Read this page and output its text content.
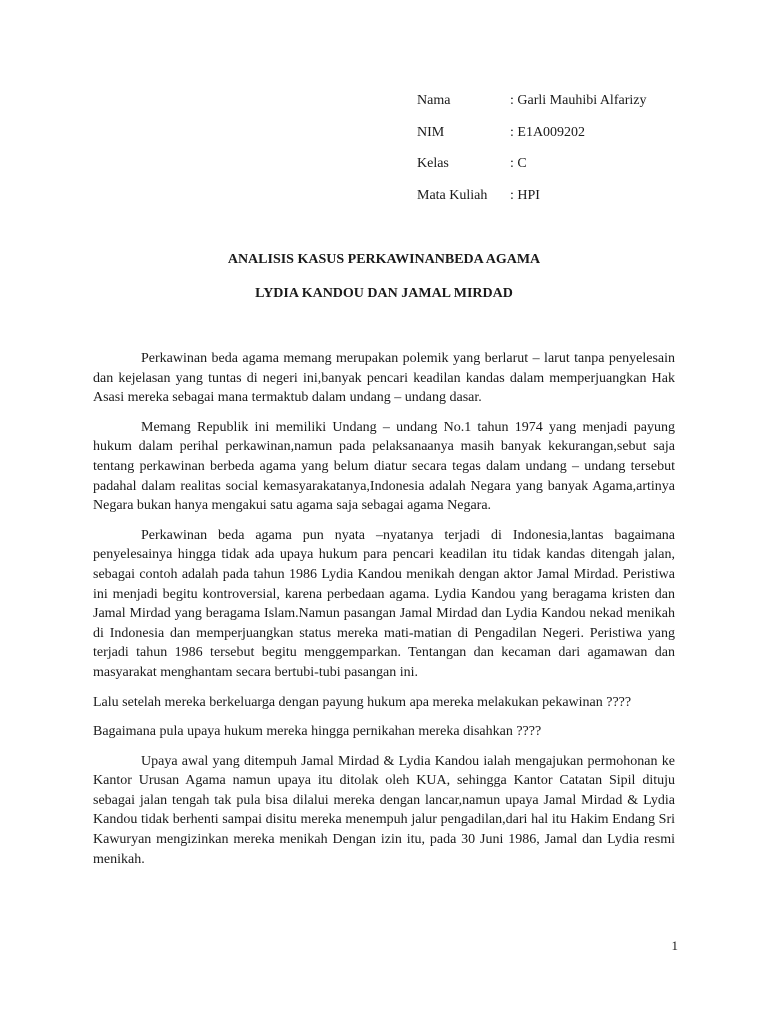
Nama	: Garli Mauhibi Alfarizy
NIM	: E1A009202
Kelas	: C
Mata Kuliah	: HPI

ANALISIS KASUS PERKAWINANBEDA AGAMA

LYDIA KANDOU DAN JAMAL MIRDAD

Perkawinan beda agama memang merupakan polemik yang berlarut – larut tanpa penyelesain dan kejelasan yang tuntas di negeri ini,banyak pencari keadilan kandas dalam memperjuangkan Hak Asasi mereka sebagai mana termaktub dalam undang – undang dasar.

Memang Republik ini memiliki Undang – undang No.1 tahun 1974 yang menjadi payung hukum dalam perihal perkawinan,namun pada pelaksanaanya masih banyak kekurangan,sebut saja tentang perkawinan berbeda agama yang belum diatur secara tegas dalam undang – undang tersebut padahal dalam realitas social kemasyarakatanya,Indonesia adalah Negara yang banyak Agama,artinya Negara bukan hanya mengakui satu agama saja sebagai agama Negara.

Perkawinan beda agama pun nyata –nyatanya terjadi di Indonesia,lantas bagaimana penyelesainya hingga tidak ada upaya hukum para pencari keadilan itu tidak kandas ditengah jalan, sebagai contoh adalah pada tahun 1986 Lydia Kandou menikah dengan aktor Jamal Mirdad. Peristiwa ini menjadi begitu kontroversial, karena perbedaan agama. Lydia Kandou yang beragama kristen dan Jamal Mirdad yang beragama Islam.Namun pasangan Jamal Mirdad dan Lydia Kandou nekad menikah di Indonesia dan memperjuangkan status mereka mati-matian di Pengadilan Negeri. Peristiwa yang terjadi tahun 1986 tersebut begitu menggemparkan. Tentangan dan kecaman dari agamawan dan masyarakat menghantam secara bertubi-tubi pasangan ini.

Lalu setelah mereka berkeluarga dengan payung hukum apa mereka melakukan pekawinan ????

Bagaimana pula upaya hukum mereka hingga pernikahan mereka disahkan ????

Upaya awal yang ditempuh Jamal Mirdad & Lydia Kandou ialah mengajukan permohonan ke Kantor Urusan Agama namun upaya itu ditolak oleh KUA, sehingga Kantor Catatan Sipil dituju sebagai jalan tengah tak pula bisa dilalui mereka dengan lancar,namun upaya Jamal Mirdad & Lydia Kandou tidak berhenti sampai disitu mereka menempuh jalur pengadilan,dari hal itu Hakim Endang Sri Kawuryan mengizinkan mereka menikah Dengan izin itu, pada 30 Juni 1986, Jamal dan Lydia resmi menikah.

1
